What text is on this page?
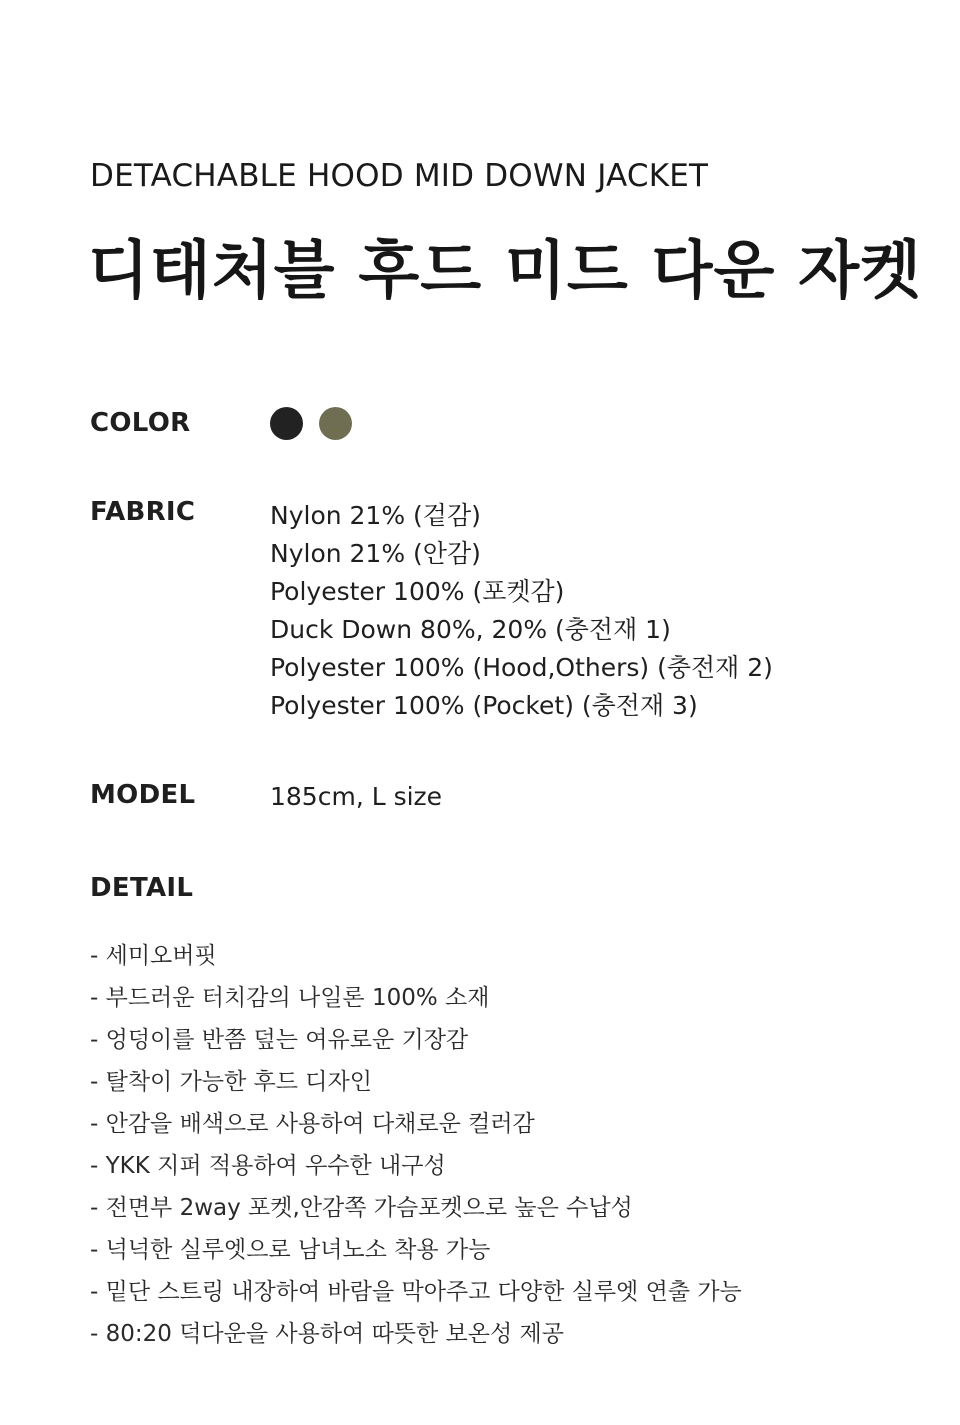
DETACHABLE HOOD MID DOWN JACKET
디태처블 후드 미드 다운 자켓
COLOR
FABRIC	Nylon 21% (겉감)
Nylon 21% (안감)
Polyester 100% (포켓감)
Duck Down 80%, 20% (충전재 1)
Polyester 100% (Hood,Others) (충전재 2)
Polyester 100% (Pocket) (충전재 3)
MODEL	185cm, L size
DETAIL
- 세미오버핏
- 부드러운 터치감의 나일론 100% 소재
- 엉덩이를 반쯤 덮는 여유로운 기장감
- 탈착이 가능한 후드 디자인
- 안감을 배색으로 사용하여 다채로운 컬러감
- YKK 지퍼 적용하여 우수한 내구성
- 전면부 2way 포켓,안감쪽 가슴포켓으로 높은 수납성
- 넉넉한 실루엣으로 남녀노소 착용 가능
- 밑단 스트링 내장하여 바람을 막아주고 다양한 실루엣 연출 가능
- 80:20 덕다운을 사용하여 따뜻한 보온성 제공
